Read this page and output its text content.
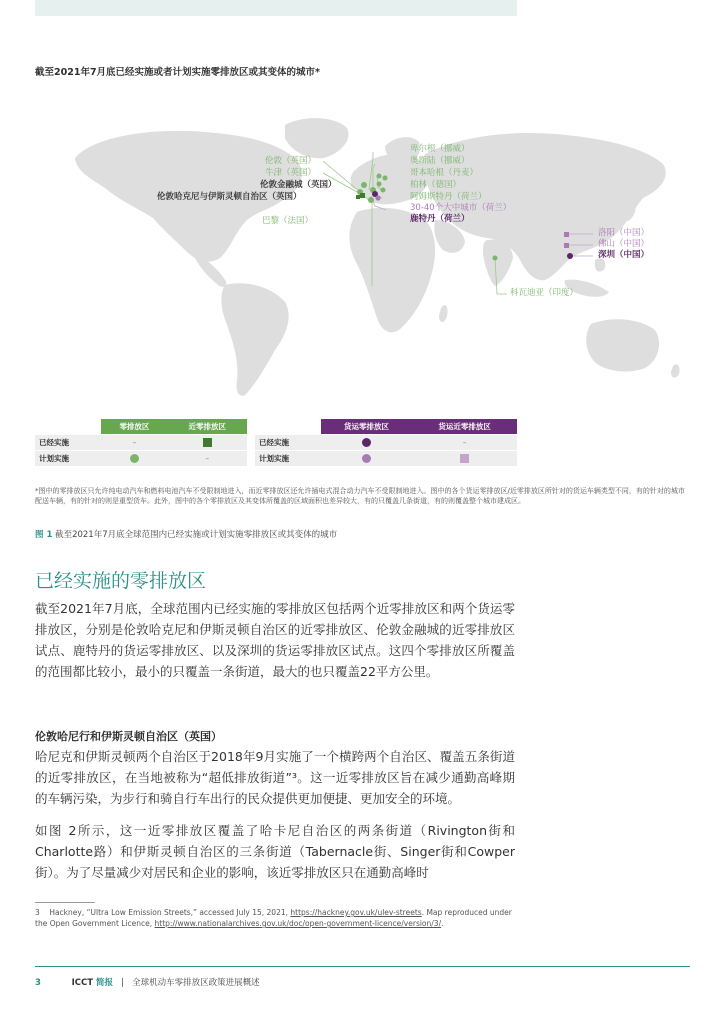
截至2021年7月底已经实施或者计划实施零排放区或其变体的城市*
伦敦（英国）
牛津（英国）
伦敦金融城（英国）
伦敦哈克尼与伊斯灵顿自治区（英国）
巴黎（法国）
卑尔根（挪威）
奥斯陆（挪威）
哥本哈根（丹麦）
柏林（德国）
阿姆斯特丹（荷兰）
30-40个大中城市（荷兰）
鹿特丹（荷兰）
洛阳（中国）
佛山（中国）
深圳（中国）
科瓦迪亚（印度）
	零排放区	近零排放区
已经实施	–	
计划实施		–
	货运零排放区	货运近零排放区
已经实施		–
计划实施		
*图中的零排放区只允许纯电动汽车和燃料电池汽车不受限制地进入，而近零排放区还允许插电式混合动力汽车不受限制地进入。图中的各个货运零排放区/近零排放区所针对的货运车辆类型不同，有的针对的城市配送车辆，有的针对的则是重型货车。此外，图中的各个零排放区及其变体所覆盖的区域面积也差异较大，有的只覆盖几条街道，有的则覆盖整个城市建成区。
图 1 截至2021年7月底全球范围内已经实施或计划实施零排放区或其变体的城市
已经实施的零排放区
截至2021年7月底，全球范围内已经实施的零排放区包括两个近零排放区和两个货运零排放区，分别是伦敦哈克尼和伊斯灵顿自治区的近零排放区、伦敦金融城的近零排放区试点、鹿特丹的货运零排放区、以及深圳的货运零排放区试点。这四个零排放区所覆盖的范围都比较小，最小的只覆盖一条街道，最大的也只覆盖22平方公里。
伦敦哈尼行和伊斯灵顿自治区（英国）
哈尼克和伊斯灵顿两个自治区于2018年9月实施了一个横跨两个自治区、覆盖五条街道的近零排放区，在当地被称为“超低排放街道”³。这一近零排放区旨在减少通勤高峰期的车辆污染，为步行和骑自行车出行的民众提供更加便捷、更加安全的环境。
如图 2所示，这一近零排放区覆盖了哈卡尼自治区的两条街道（Rivington街和Charlotte路）和伊斯灵顿自治区的三条街道（Tabernacle街、Singer街和Cowper街）。为了尽量减少对居民和企业的影响，该近零排放区只在通勤高峰时
3 Hackney, “Ultra Low Emission Streets,” accessed July 15, 2021, https://hackney.gov.uk/ulev-streets. Map reproduced under the Open Government Licence, http://www.nationalarchives.gov.uk/doc/open-government-licence/version/3/.
3	ICCT 简报 | 全球机动车零排放区政策进展概述
